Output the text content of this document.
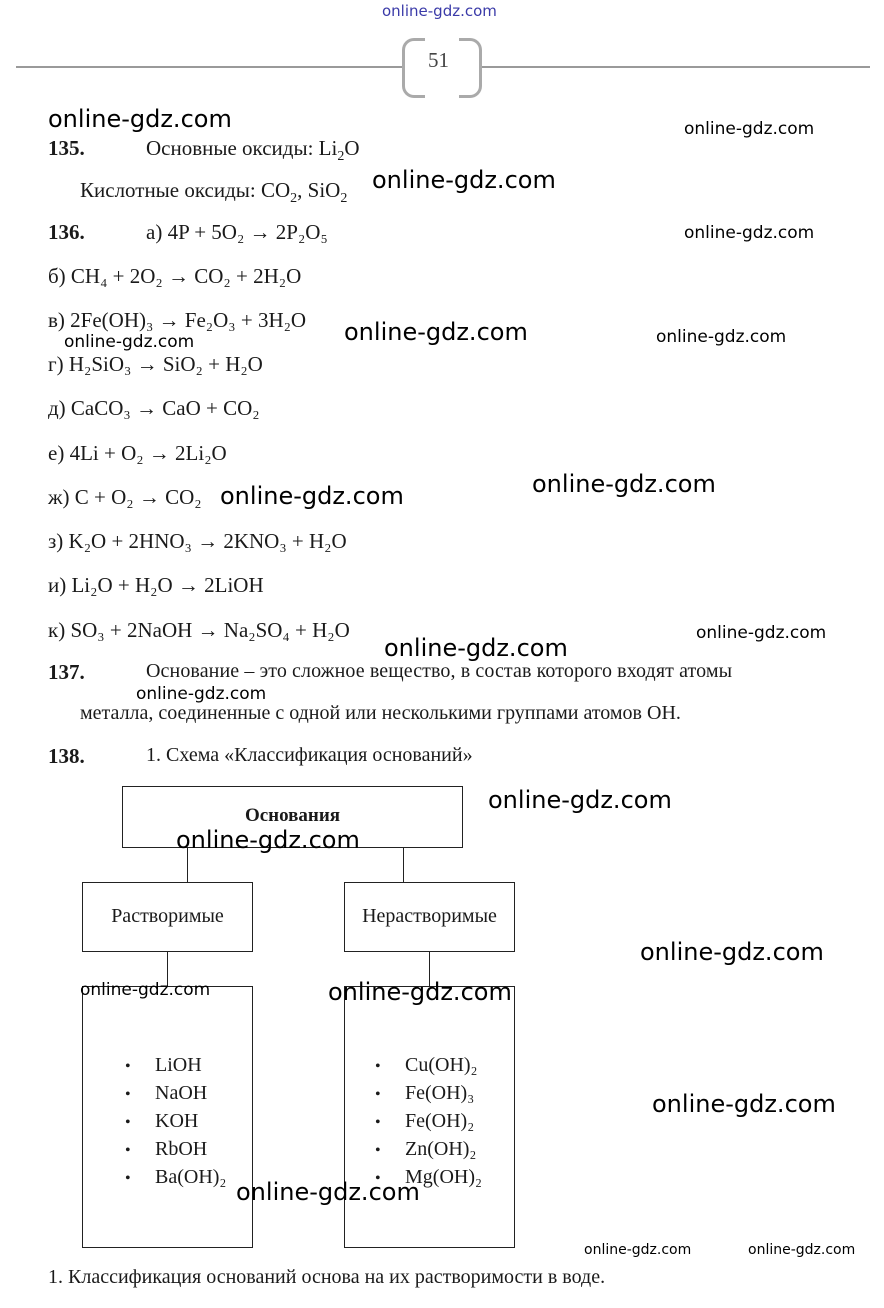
online-gdz.com
51
135.	Основные оксиды: $Li_2O$
Кислотные оксиды: $CO_2$, SiO$_2$
136.	а) 4P + 5O₂ → 2P₂O₅
б) CH₄ + 2O₂ → CO₂ + 2H₂O
в) 2Fe(OH)₃ → Fe₂O₃ + 3H₂O
г) H₂SiO₃ → SiO₂ + H₂O
д) CaCO₃ → CaO + CO₂
е) 4Li + O₂ → 2Li₂O
ж) C + O₂ → CO₂
з) K₂O + 2HNO₃ → 2KNO₃ + H₂O
и) Li₂O + H₂O → 2LiOH
к) SO₃ + 2NaOH → Na₂SO₄ + H₂O
137.	Основание – это сложное вещество, в состав которого входят атомы
металла, соединенные с одной или несколькими группами атомов OH.
138.	1. Схема «Классификация оснований»
Основания
Растворимые	Нерастворимые
• LiOH
• NaOH
• KOH
• RbOH
• Ba(OH)₂
• Cu(OH)₂
• Fe(OH)₃
• Fe(OH)₂
• Zn(OH)₂
• Mg(OH)₂
1. Классификация оснований основа на их растворимости в воде.
online-gdz.com	online-gdz.com
online-gdz.com
online-gdz.com
online-gdz.com	online-gdz.com
online-gdz.com
online-gdz.com
online-gdz.com
online-gdz.com
online-gdz.com
online-gdz.com
online-gdz.com
online-gdz.com
online-gdz.com
online-gdz.com	online-gdz.com
online-gdz.com
online-gdz.com
online-gdz.com	online-gdz.com
